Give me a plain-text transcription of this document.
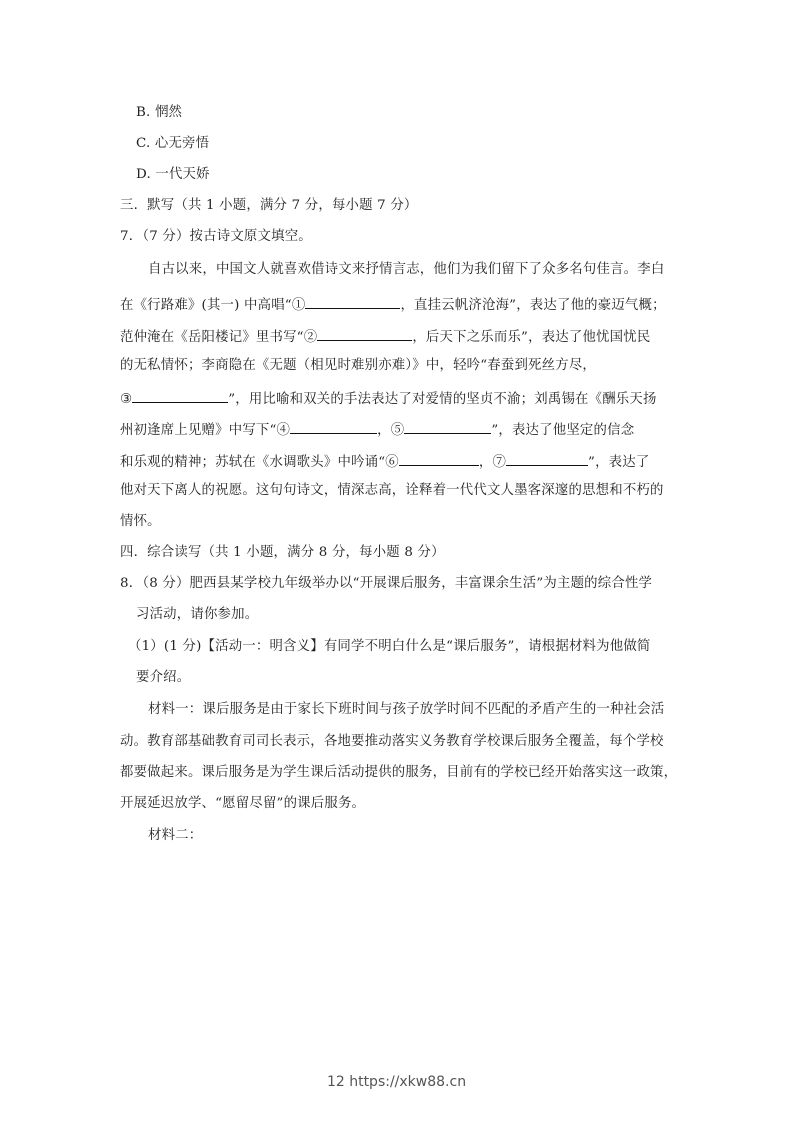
B. 惘然
C. 心无旁悟
D. 一代天娇
三．默写（共 1 小题，满分 7 分，每小题 7 分）
7．（7 分）按古诗文原文填空。
自古以来，中国文人就喜欢借诗文来抒情言志，他们为我们留下了众多名句佳言。李白
在《行路难》(其一) 中高唱“①	，直挂云帆济沧海”，表达了他的豪迈气概；
范仲淹在《岳阳楼记》里书写“②	，后天下之乐而乐”，表达了他忧国忧民
的无私情怀；李商隐在《无题（相见时难别亦难）》中，轻吟“春蚕到死丝方尽，
③	”，用比喻和双关的手法表达了对爱情的坚贞不渝；刘禹锡在《酬乐天扬
州初逢席上见赠》中写下“④	，⑤	”，表达了他坚定的信念
和乐观的精神；苏轼在《水调歌头》中吟诵“⑥	，⑦	”，表达了
他对天下离人的祝愿。这句句诗文，情深志高，诠释着一代代文人墨客深邃的思想和不朽的
情怀。
四．综合读写（共 1 小题，满分 8 分，每小题 8 分）
8．（8 分）肥西县某学校九年级举办以“开展课后服务，丰富课余生活”为主题的综合性学
习活动，请你参加。
（1）(1 分)【活动一：明含义】有同学不明白什么是“课后服务”，请根据材料为他做简
要介绍。
材料一：课后服务是由于家长下班时间与孩子放学时间不匹配的矛盾产生的一种社会活
动。教育部基础教育司司长表示，各地要推动落实义务教育学校课后服务全覆盖，每个学校
都要做起来。课后服务是为学生课后活动提供的服务，目前有的学校已经开始落实这一政策，
开展延迟放学、“愿留尽留”的课后服务。
材料二：
12 https://xkw88.cn
